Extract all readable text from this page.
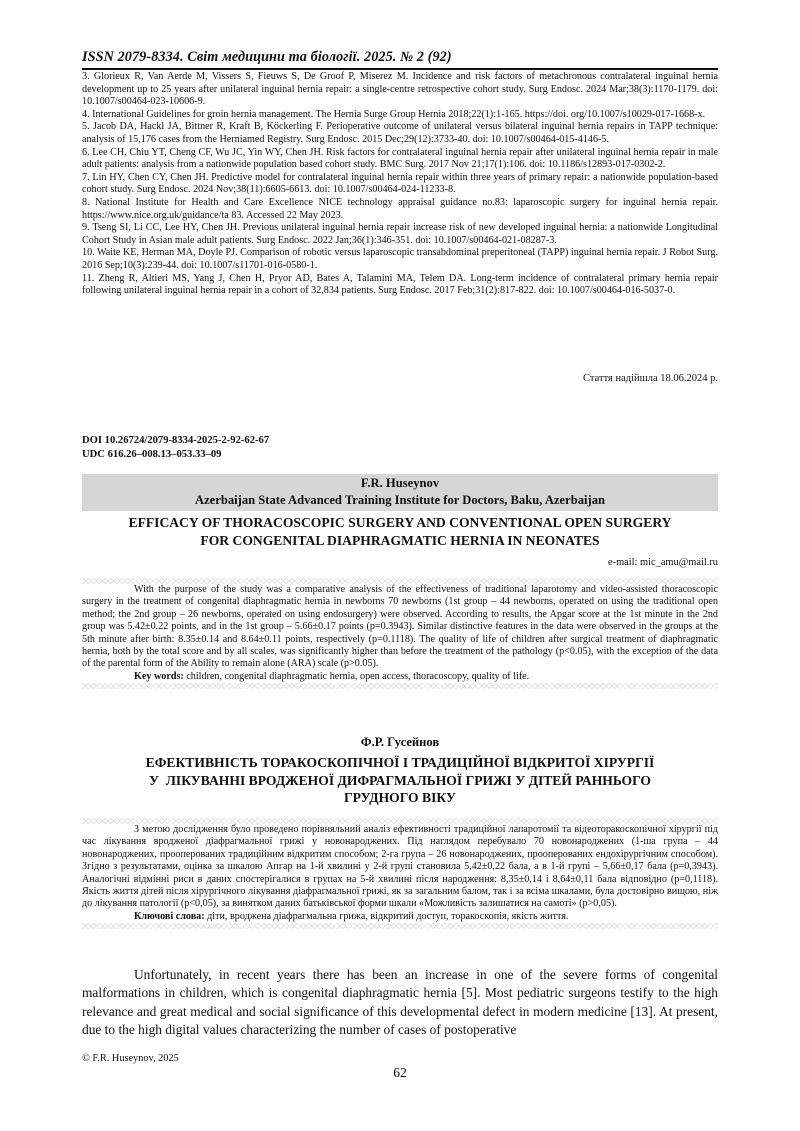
ISSN 2079-8334. Світ медицини та біології. 2025. № 2 (92)

3. Glorieux R, Van Aerde M, Vissers S, Fieuws S, De Groof P, Miserez M. Incidence and risk factors of metachronous contralateral inguinal hernia development up to 25 years after unilateral inguinal hernia repair: a single-centre retrospective cohort study. Surg Endosc. 2024 Mar;38(3):1170-1179. doi: 10.1007/s00464-023-10606-9.

4. International Guidelines for groin hernia management. The Hernia Surge Group Hernia 2018;22(1):1-165. https://doi. org/10.1007/s10029-017-1668-x.

5. Jacob DA, Hackl JA, Bittner R, Kraft B, Köckerling F. Perioperative outcome of unilateral versus bilateral inguinal hernia repairs in TAPP technique: analysis of 15,176 cases from the Herniamed Registry. Surg Endosc. 2015 Dec;29(12):3733-40. doi: 10.1007/s00464-015-4146-5.

6. Lee CH, Chiu YT, Cheng CF, Wu JC, Yin WY, Chen JH. Risk factors for contralateral inguinal hernia repair after unilateral inguinal hernia repair in male adult patients: analysis from a nationwide population based cohort study. BMC Surg. 2017 Nov 21;17(1):106. doi: 10.1186/s12893-017-0302-2.

7. Lin HY, Chen CY, Chen JH. Predictive model for contralateral inguinal hernia repair within three years of primary repair: a nationwide population-based cohort study. Surg Endosc. 2024 Nov;38(11):6605-6613. doi: 10.1007/s00464-024-11233-8.

8. National Institute for Health and Care Excellence NICE technology appraisal guidance no.83: laparoscopic surgery for inguinal hernia repair. https://www.nice.org.uk/guidance/ta 83. Accessed 22 May 2023.

9. Tseng SI, Li CC, Lee HY, Chen JH. Previous unilateral inguinal hernia repair increase risk of new developed inguinal hernia: a nationwide Longitudinal Cohort Study in Asian male adult patients. Surg Endosc. 2022 Jan;36(1):346-351. doi: 10.1007/s00464-021-08287-3.

10. Waite KE, Herman MA, Doyle PJ. Comparison of robotic versus laparoscopic transabdominal preperitoneal (TAPP) inguinal hernia repair. J Robot Surg. 2016 Sep;10(3):239-44. doi: 10.1007/s11701-016-0580-1.

11. Zheng R, Altieri MS, Yang J, Chen H, Pryor AD, Bates A, Talamini MA, Telem DA. Long-term incidence of contralateral primary hernia repair following unilateral inguinal hernia repair in a cohort of 32,834 patients. Surg Endosc. 2017 Feb;31(2):817-822. doi: 10.1007/s00464-016-5037-0.

Стаття надійшла 18.06.2024 р.
DOI 10.26724/2079-8334-2025-2-92-62-67
UDC 616.26–008.13–053.33–09
F.R. Huseynov
Azerbaijan State Advanced Training Institute for Doctors, Baku, Azerbaijan
EFFICACY OF THORACOSCOPIC SURGERY AND CONVENTIONAL OPEN SURGERY
FOR CONGENITAL DIAPHRAGMATIC HERNIA IN NEONATES
e-mail: mic_amu@mail.ru

With the purpose of the study was a comparative analysis of the effectiveness of traditional laparotomy and video-assisted thoracoscopic surgery in the treatment of congenital diaphragmatic hernia in newborns 70 newborns (1st group – 44 newborns, operated on using the traditional open method; the 2nd group – 26 newborns, operated on using endosurgery) were observed. According to results, the Apgar score at the 1st minute in the 2nd group was 5.42±0.22 points, and in the 1st group – 5.66±0.17 points (p=0.3943). Similar distinctive features in the data were observed in the groups at the 5th minute after birth: 8.35±0.14 and 8.64±0.11 points, respectively (p=0.1118). The quality of life of children after surgical treatment of diaphragmatic hernia, both by the total score and by all scales, was significantly higher than before the treatment of the pathology (p<0.05), with the exception of the data of the parental form of the Ability to remain alone (ARA) scale (p>0.05).

Key words: children, congenital diaphragmatic hernia, open access, thoracoscopy, quality of life.

Ф.Р. Гусейнов
ЕФЕКТИВНІСТЬ ТОРАКОСКОПІЧНОЇ І ТРАДИЦІЙНОЇ ВІДКРИТОЇ ХІРУРГІЇ
У  ЛІКУВАННІ ВРОДЖЕНОЇ ДИФРАГМАЛЬНОЇ ГРИЖІ У ДІТЕЙ РАННЬОГО
ГРУДНОГО ВІКУ

З метою дослідження було проведено порівняльний аналіз ефективності традиційної лапаротомії та відеоторакоскопічної хірургії під час лікування вродженої діафрагмальної грижі у новонароджених. Під наглядом перебувало 70 новонароджених (1-ша група – 44 новонароджених, прооперованих традиційним відкритим способом; 2-га група – 26 новонароджених, прооперованих ендохірургічним способом). Згідно з результатами, оцінка за шкалою Апгар на 1-й хвилині у 2-й групі становила 5,42±0,22 бала, а в 1-й групі – 5,66±0,17 бала (p=0,3943). Аналогічні відмінні риси в даних спостерігалися в групах на 5-й хвилині після народження: 8,35±0,14 і 8,64±0,11 бала відповідно (p=0,1118). Якість життя дітей після хірургічного лікування діафрагмальної грижі, як за загальним балом, так і за всіма шкалами, була достовірно вищою, ніж до лікування патології (p<0,05), за винятком даних батьківської форми шкали «Можливість залишатися на самоті» (p>0,05).

Ключові слова: діти, вроджена діафрагмальна грижа, відкритий доступ, торакоскопія, якість життя.

Unfortunately, in recent years there has been an increase in one of the severe forms of congenital malformations in children, which is congenital diaphragmatic hernia [5]. Most pediatric surgeons testify to the high relevance and great medical and social significance of this developmental defect in modern medicine [13]. At present, due to the high digital values characterizing the number of cases of postoperative

© F.R. Huseynov, 2025
62
